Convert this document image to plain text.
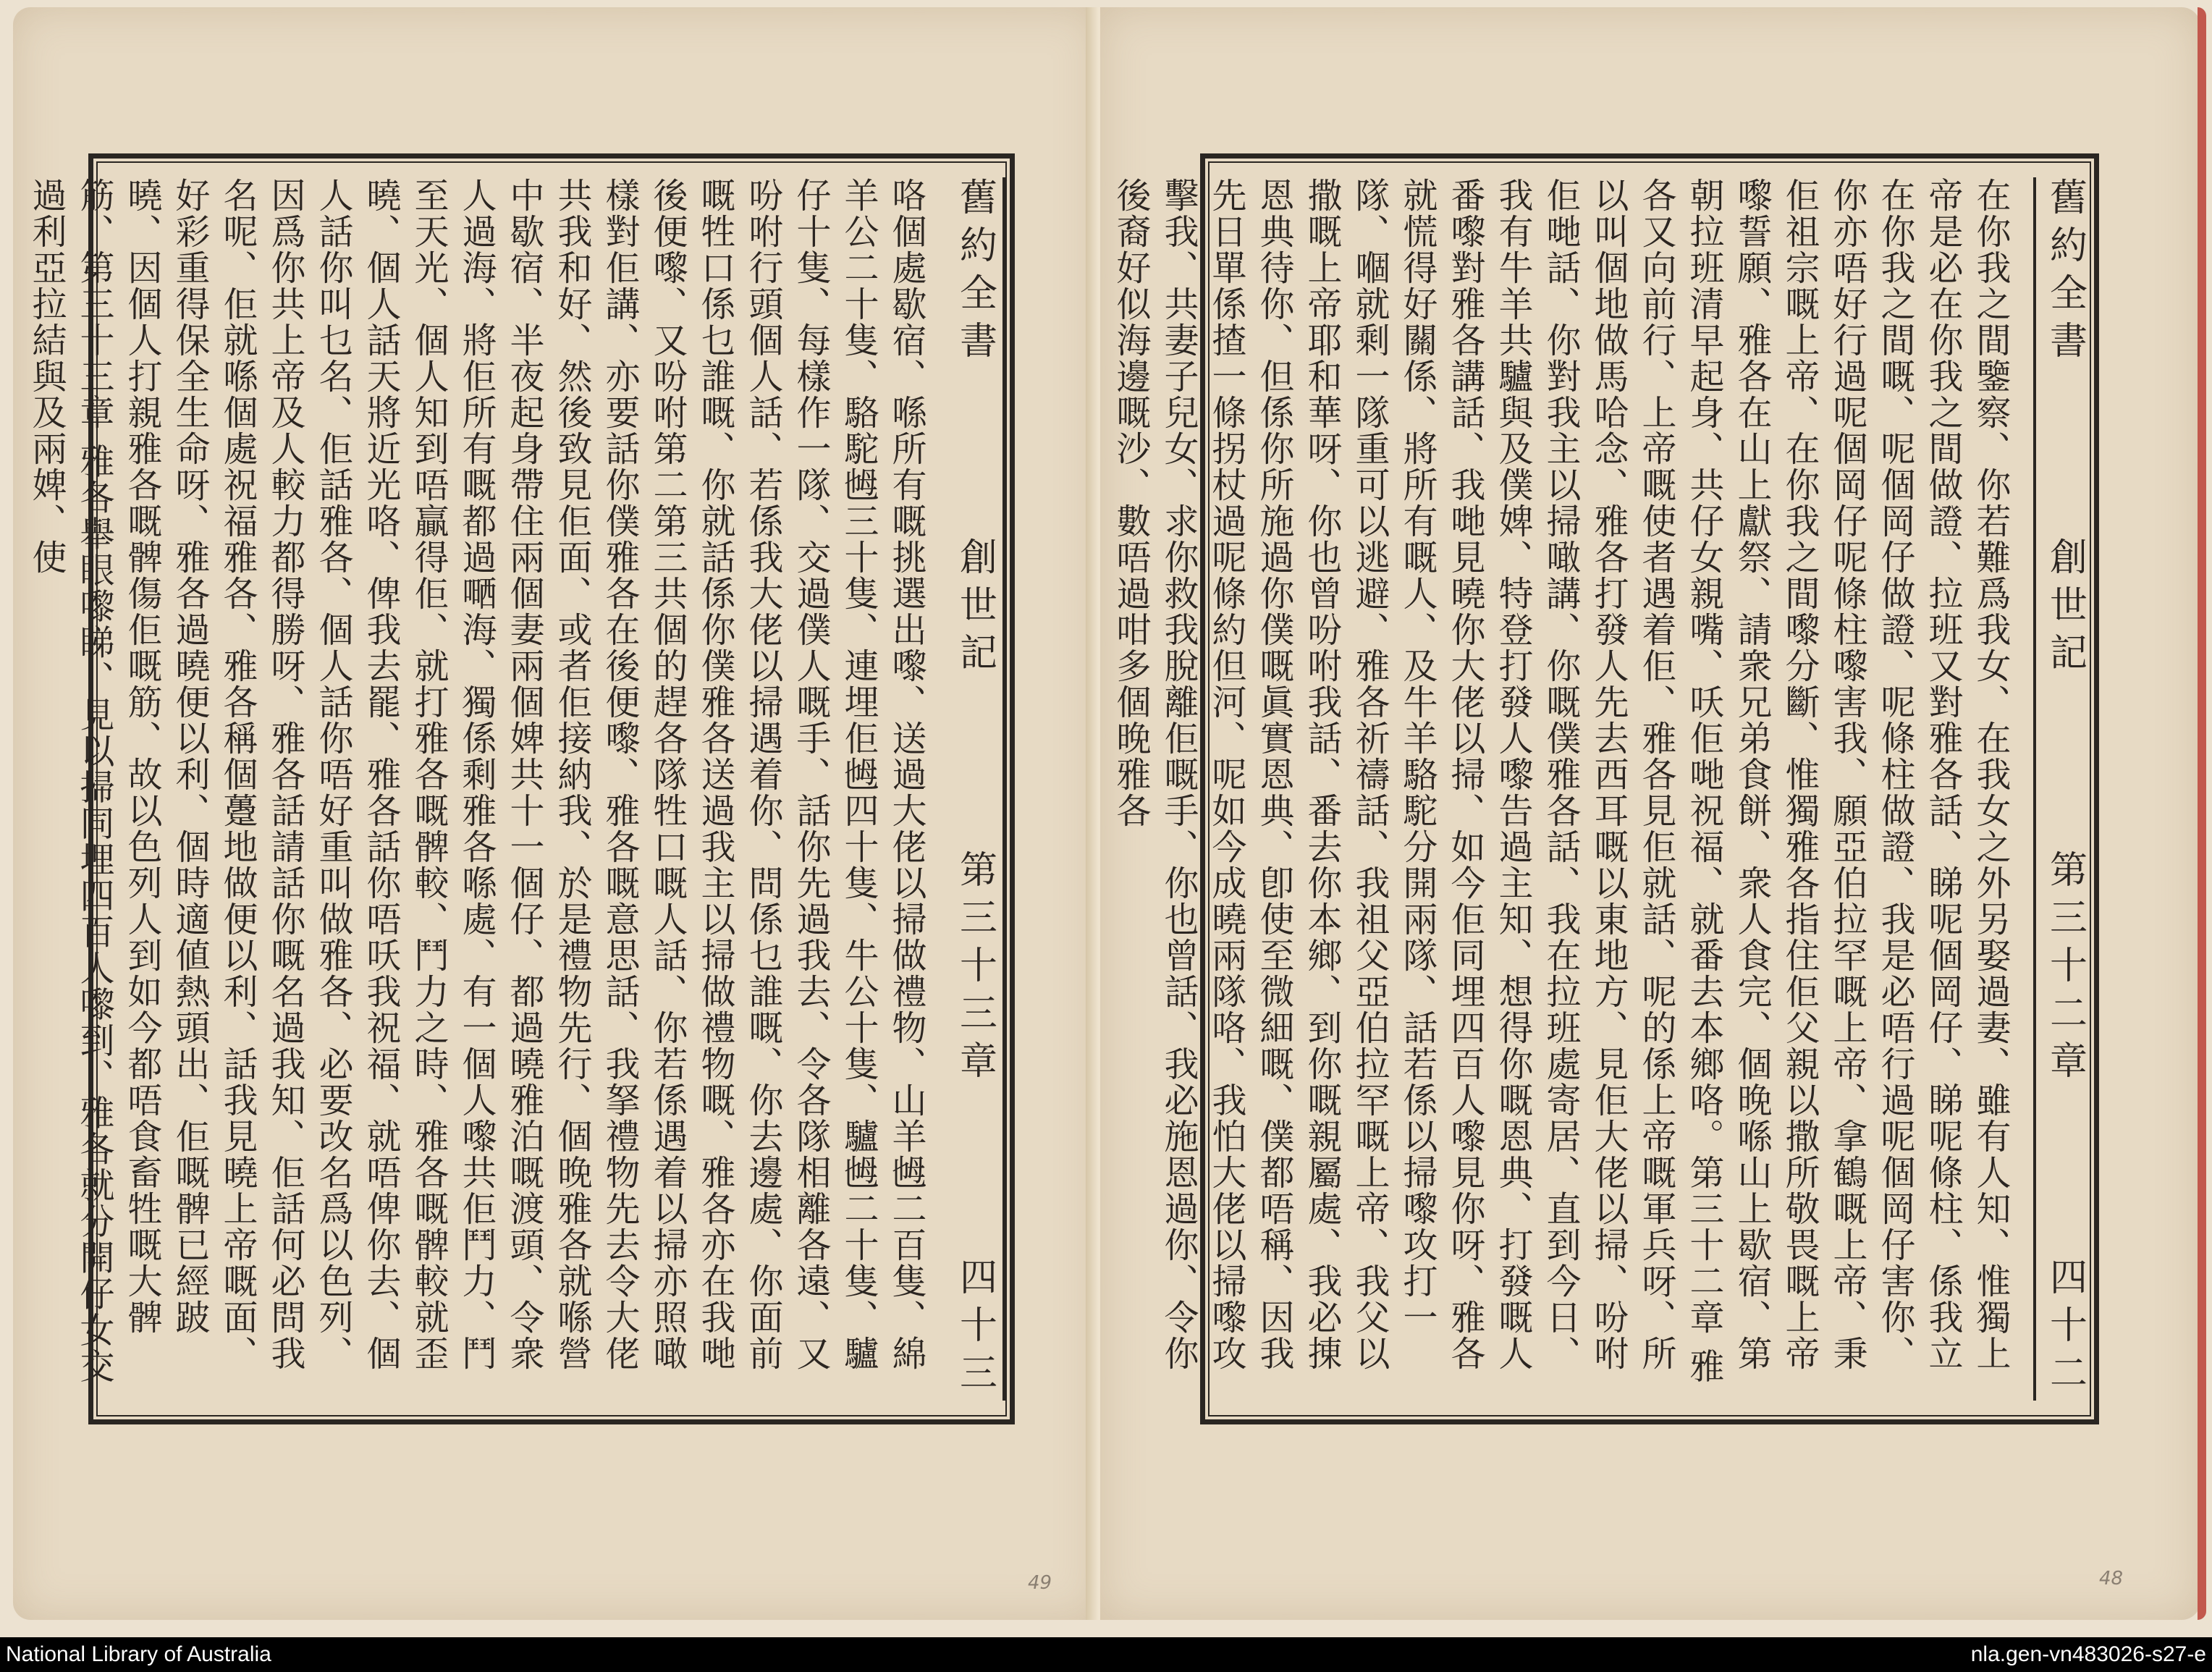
舊約全書
創世記
第三十三章
四十三
咯個處歇宿、喺所有嘅挑選出嚟、送過大佬以掃做禮物、山羊乸二百隻、綿羊公二十隻、駱駝乸三十隻、連埋佢乸四十隻、牛公十隻、驢乸二十隻、驢仔十隻、每樣作一隊、交過僕人嘅手、話你先過我去、令各隊相離各遠、又吩咐行頭個人話、若係我大佬以掃遇着你、問係乜誰嘅、你去邊處、你面前嘅牲口係乜誰嘅、你就話係你僕雅各送過我主以掃做禮物嘅、雅各亦在我哋後便嚟、又吩咐第二第三共個的趕各隊牲口嘅人話、你若係遇着以掃亦照噉樣對佢講、亦要話你僕雅各在後便嚟、雅各嘅意思話、我拏禮物先去令大佬共我和好、然後致見佢面、或者佢接納我、於是禮物先行、個晚雅各就喺營中歇宿、半夜起身帶住兩個妻兩個婢共十一個仔、都過曉雅泊嘅渡頭、令衆人過海、將佢所有嘅都過嗮海、獨係剩雅各喺處、有一個人嚟共佢鬥力、鬥至天光、個人知到唔贏得佢、就打雅各嘅髀較、鬥力之時、雅各嘅髀較就歪曉、個人話天將近光咯、俾我去罷、雅各話你唔㕭我祝福、就唔俾你去、個人話你叫乜名、佢話雅各、個人話你唔好重叫做雅各、必要改名爲以色列、因爲你共上帝及人較力都得勝呀、雅各話請話你嘅名過我知、佢話何必問我名呢、佢就喺個處祝福雅各、雅各稱個躉地做便以利、話我見曉上帝嘅面、好彩重得保全生命呀、雅各過曉便以利、個時適値熱頭出、佢嘅髀已經跛曉、因個人打親雅各嘅髀傷佢嘅筋、故以色列人到如今都唔食畜牲嘅大髀筋、第三十三章 雅各舉眼嚟睇、見以掃同埋四百人嚟到、雅各就分開仔女交過利亞拉結與及兩婢、使
49
舊約全書
創世記
第三十二章
四十二
在你我之間鑒察、你若難爲我女、在我女之外另娶過妻、雖有人知、惟獨上帝是必在你我之間做證、拉班又對雅各話、睇呢個岡仔、睇呢條柱、係我立在你我之間嘅、呢個岡仔做證、呢條柱做證、我是必唔行過呢個岡仔害你、你亦唔好行過呢個岡仔呢條柱嚟害我、願亞伯拉罕嘅上帝、拿鶴嘅上帝、秉佢祖宗嘅上帝、在你我之間嚟分斷、惟獨雅各指住佢父親以撒所敬畏嘅上帝嚟誓願、雅各在山上獻祭、請衆兄弟食餅、衆人食完、個晚喺山上歇宿、第朝拉班清早起身、共仔女親嘴、㕭佢哋祝福、就番去本鄉咯。第三十二章 雅各又向前行、上帝嘅使者遇着佢、雅各見佢就話、呢的係上帝嘅軍兵呀、所以叫個地做馬哈念、雅各打發人先去西耳嘅以東地方、見佢大佬以掃、吩咐佢哋話、你對我主以掃噉講、你嘅僕雅各話、我在拉班處寄居、直到今日、我有牛羊共驢與及僕婢、特登打發人嚟告過主知、想得你嘅恩典、打發嘅人番嚟對雅各講話、我哋見曉你大佬以掃、如今佢同埋四百人嚟見你呀、雅各就慌得好關係、將所有嘅人、及牛羊駱駝分開兩隊、話若係以掃嚟攻打一隊、嗰就剩一隊重可以逃避、雅各祈禱話、我祖父亞伯拉罕嘅上帝、我父以撒嘅上帝耶和華呀、你也曾吩咐我話、番去你本鄉、到你嘅親屬處、我必㨂恩典待你、但係你所施過你僕嘅眞實恩典、卽使至微細嘅、僕都唔稱、因我先日單係揸一條拐杖過呢條約但河、呢如今成曉兩隊咯、我怕大佬以掃嚟攻擊我、共妻子兒女、求你救我脫離佢嘅手、你也曾話、我必施恩過你、令你後裔好似海邊嘅沙、數唔過咁多個晚雅各
48
National Library of Australia	nla.gen-vn483026-s27-e
